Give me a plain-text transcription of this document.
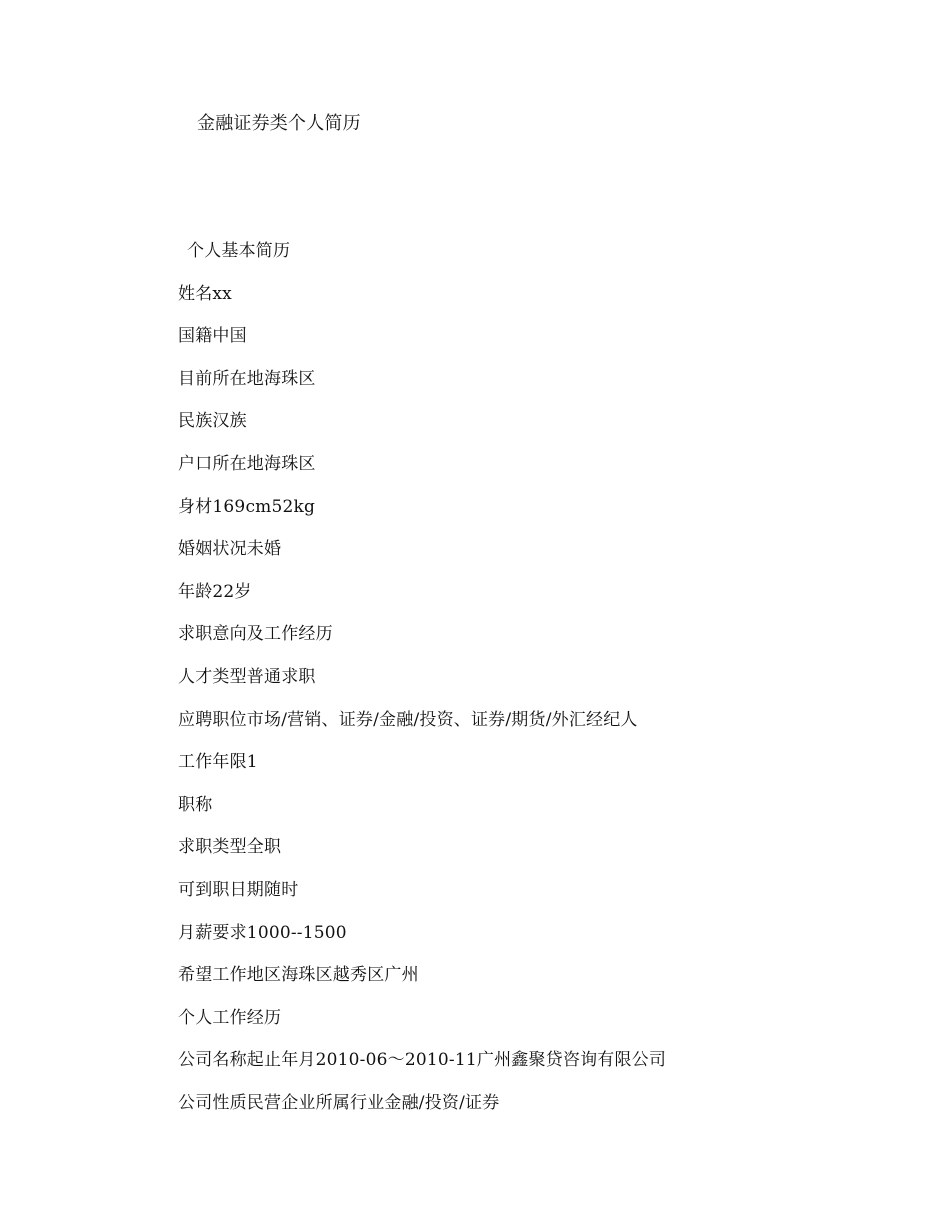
金融证券类个人简历
个人基本简历
姓名xx
国籍中国
目前所在地海珠区
民族汉族
户口所在地海珠区
身材169cm52kg
婚姻状况未婚
年龄22岁
求职意向及工作经历
人才类型普通求职
应聘职位市场/营销、证券/金融/投资、证券/期货/外汇经纪人
工作年限1
职称
求职类型全职
可到职日期随时
月薪要求1000--1500
希望工作地区海珠区越秀区广州
个人工作经历
公司名称起止年月2010-06～2010-11广州鑫聚贷咨询有限公司
公司性质民营企业所属行业金融/投资/证券
